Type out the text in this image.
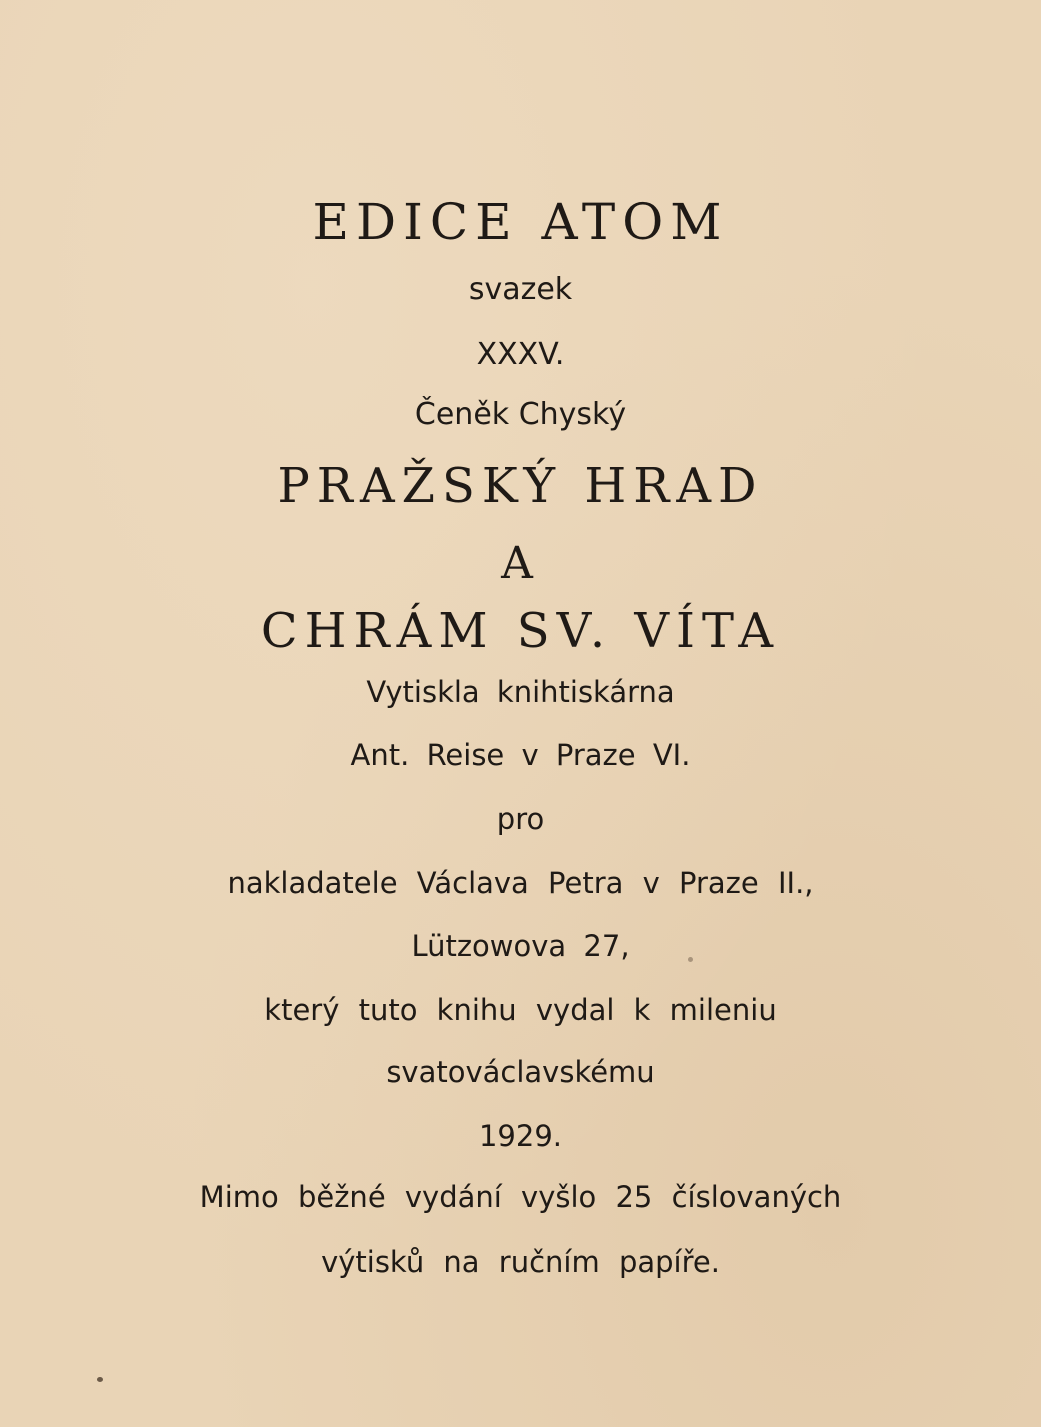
EDICE ATOM

svazek

XXXV.

Čeněk Chyský

PRAŽSKÝ HRAD

A

CHRÁM SV. VÍTA

Vytiskla knihtiskárna

Ant. Reise v Praze VI.

pro

nakladatele Václava Petra v Praze II.,

Lützowova 27,

který tuto knihu vydal k mileniu

svatováclavskému

1929.

Mimo běžné vydání vyšlo 25 číslovaných

výtisků na ručním papíře.
